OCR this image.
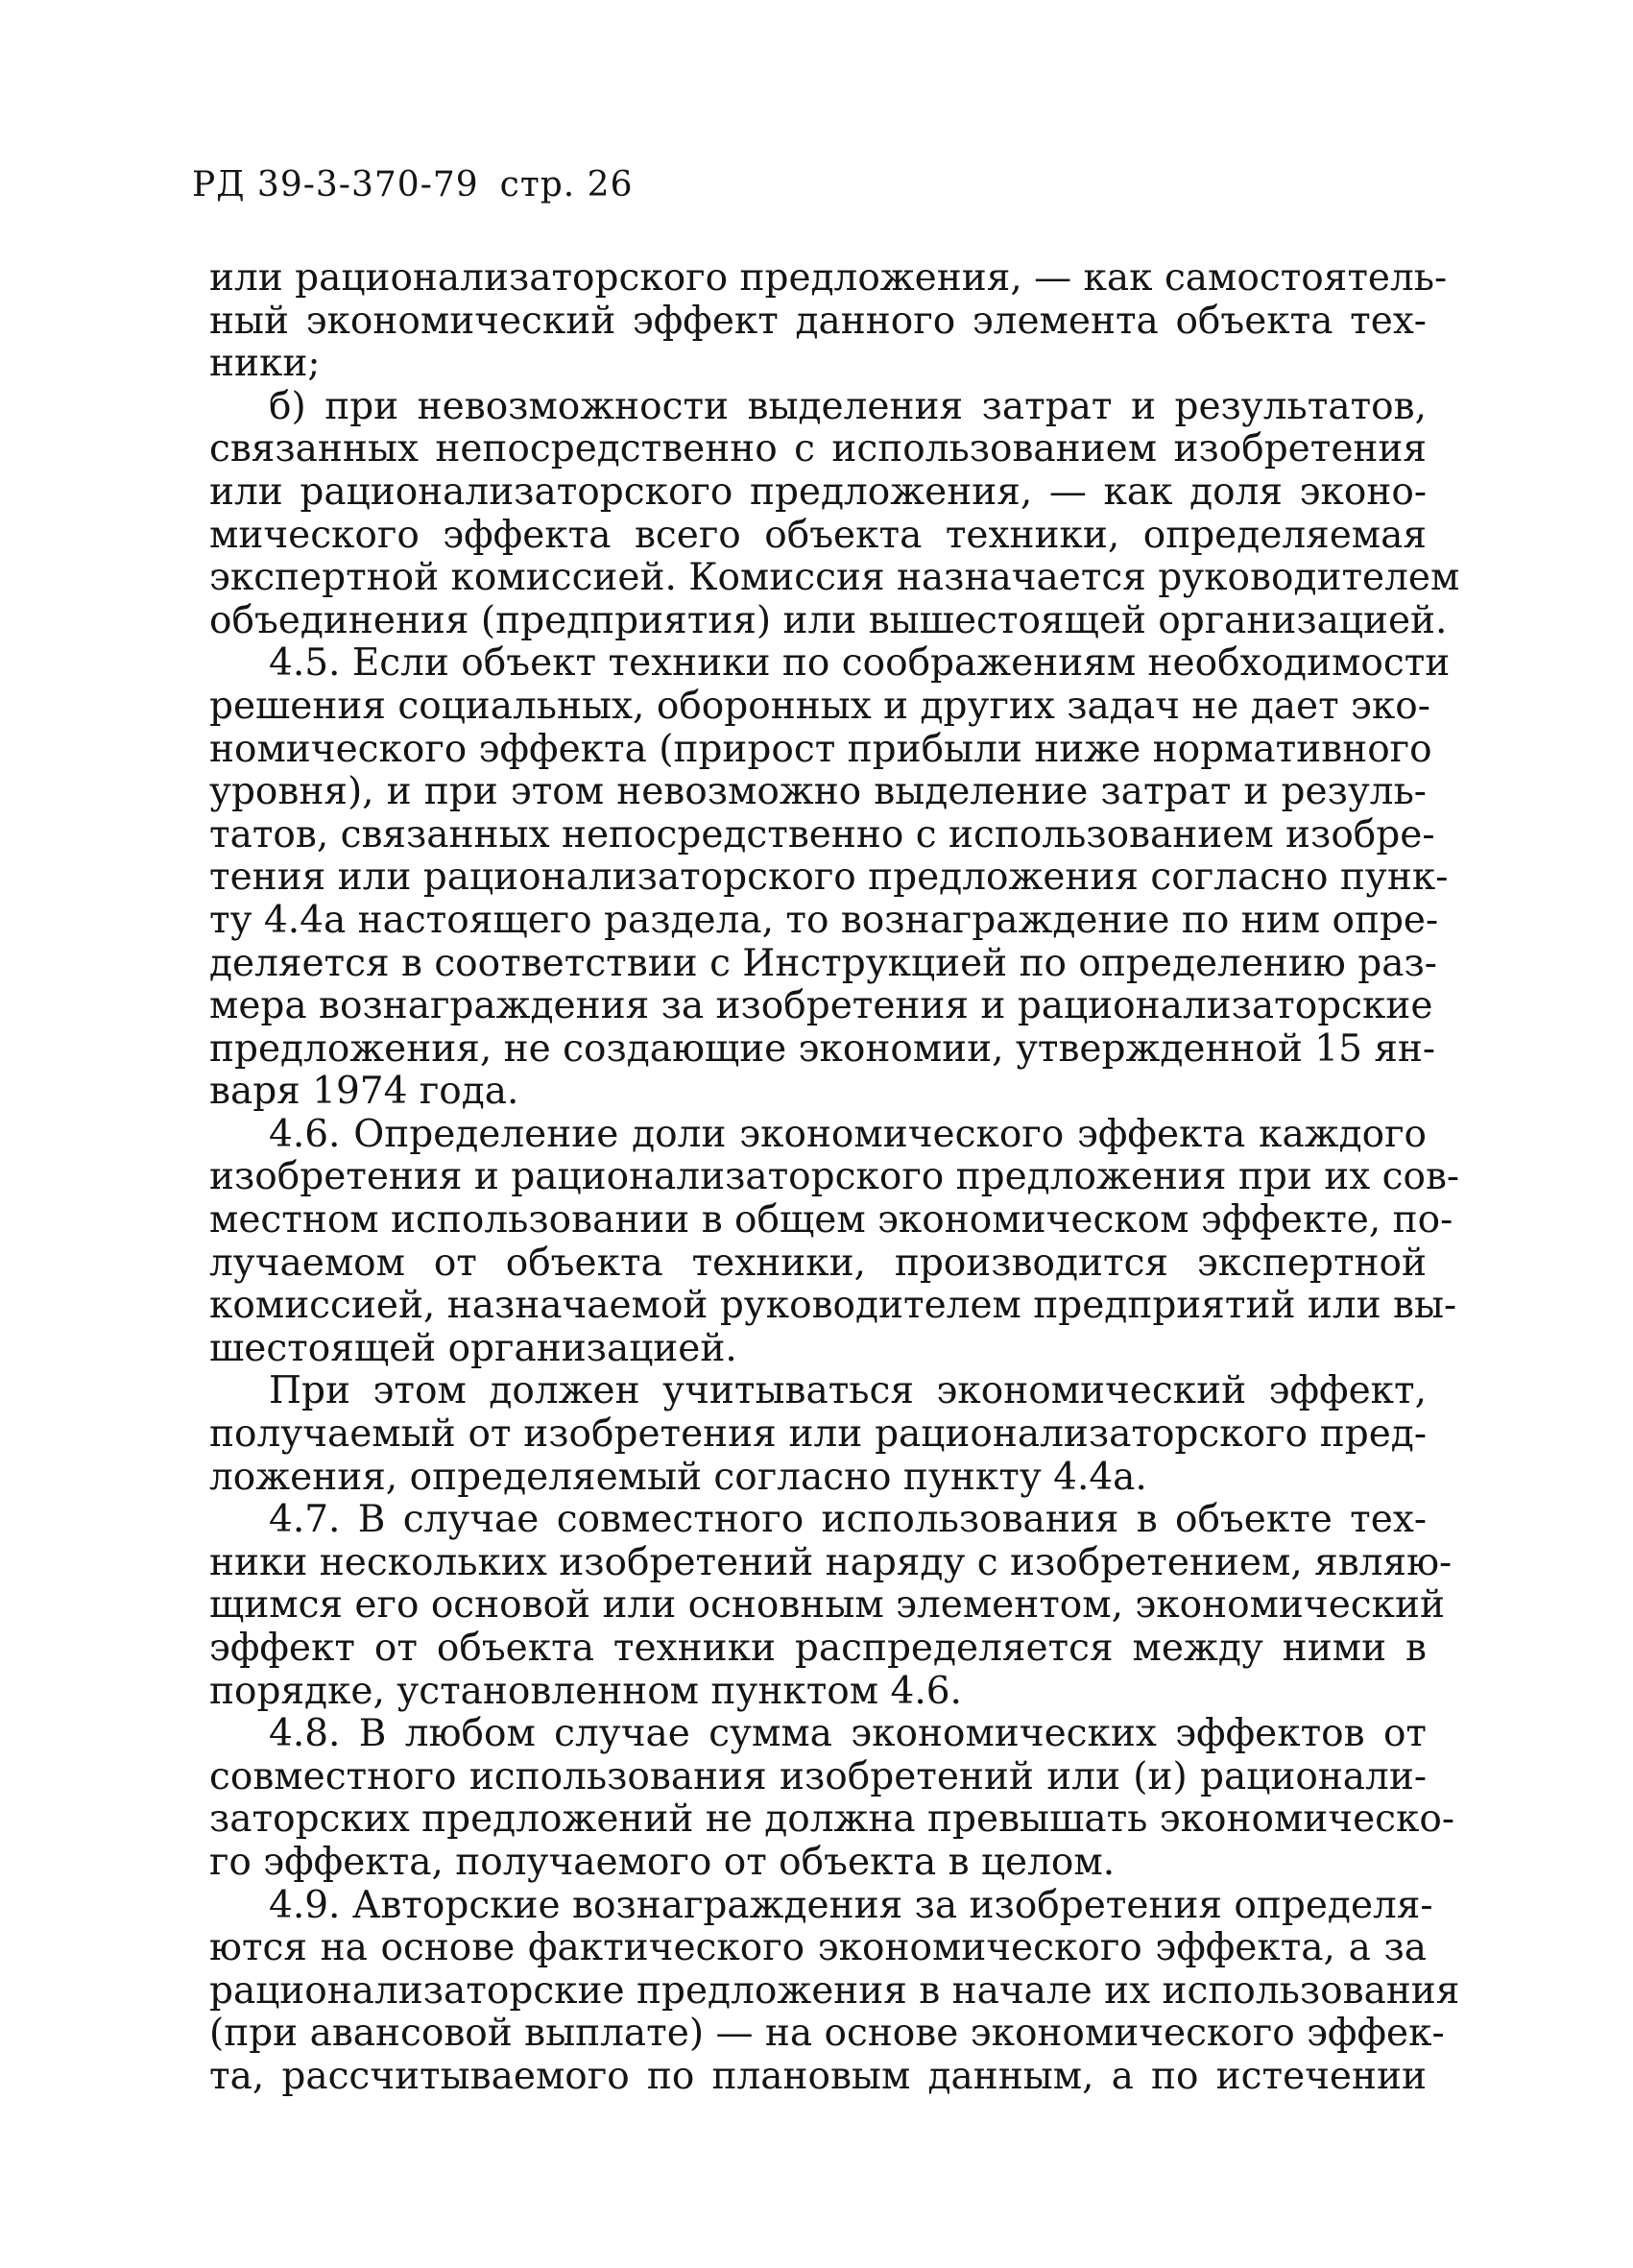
РД 39-3-370-79 стр. 26
или рационализаторского предложения, — как самостоятель-
ный экономический эффект данного элемента объекта тех-
ники;
б) при невозможности выделения затрат и результатов,
связанных непосредственно с использованием изобретения
или рационализаторского предложения, — как доля эконо-
мического эффекта всего объекта техники, определяемая
экспертной комиссией. Комиссия назначается руководителем
объединения (предприятия) или вышестоящей организацией.
4.5. Если объект техники по соображениям необходимости
решения социальных, оборонных и других задач не дает эко-
номического эффекта (прирост прибыли ниже нормативного
уровня), и при этом невозможно выделение затрат и резуль-
татов, связанных непосредственно с использованием изобре-
тения или рационализаторского предложения согласно пунк-
ту 4.4а настоящего раздела, то вознаграждение по ним опре-
деляется в соответствии с Инструкцией по определению раз-
мера вознаграждения за изобретения и рационализаторские
предложения, не создающие экономии, утвержденной 15 ян-
варя 1974 года.
4.6. Определение доли экономического эффекта каждого
изобретения и рационализаторского предложения при их сов-
местном использовании в общем экономическом эффекте, по-
лучаемом от объекта техники, производится экспертной
комиссией, назначаемой руководителем предприятий или вы-
шестоящей организацией.
При этом должен учитываться экономический эффект,
получаемый от изобретения или рационализаторского пред-
ложения, определяемый согласно пункту 4.4а.
4.7. В случае совместного использования в объекте тех-
ники нескольких изобретений наряду с изобретением, являю-
щимся его основой или основным элементом, экономический
эффект от объекта техники распределяется между ними в
порядке, установленном пунктом 4.6.
4.8. В любом случае сумма экономических эффектов от
совместного использования изобретений или (и) рационали-
заторских предложений не должна превышать экономическо-
го эффекта, получаемого от объекта в целом.
4.9. Авторские вознаграждения за изобретения определя-
ются на основе фактического экономического эффекта, а за
рационализаторские предложения в начале их использования
(при авансовой выплате) — на основе экономического эффек-
та, рассчитываемого по плановым данным, а по истечении
